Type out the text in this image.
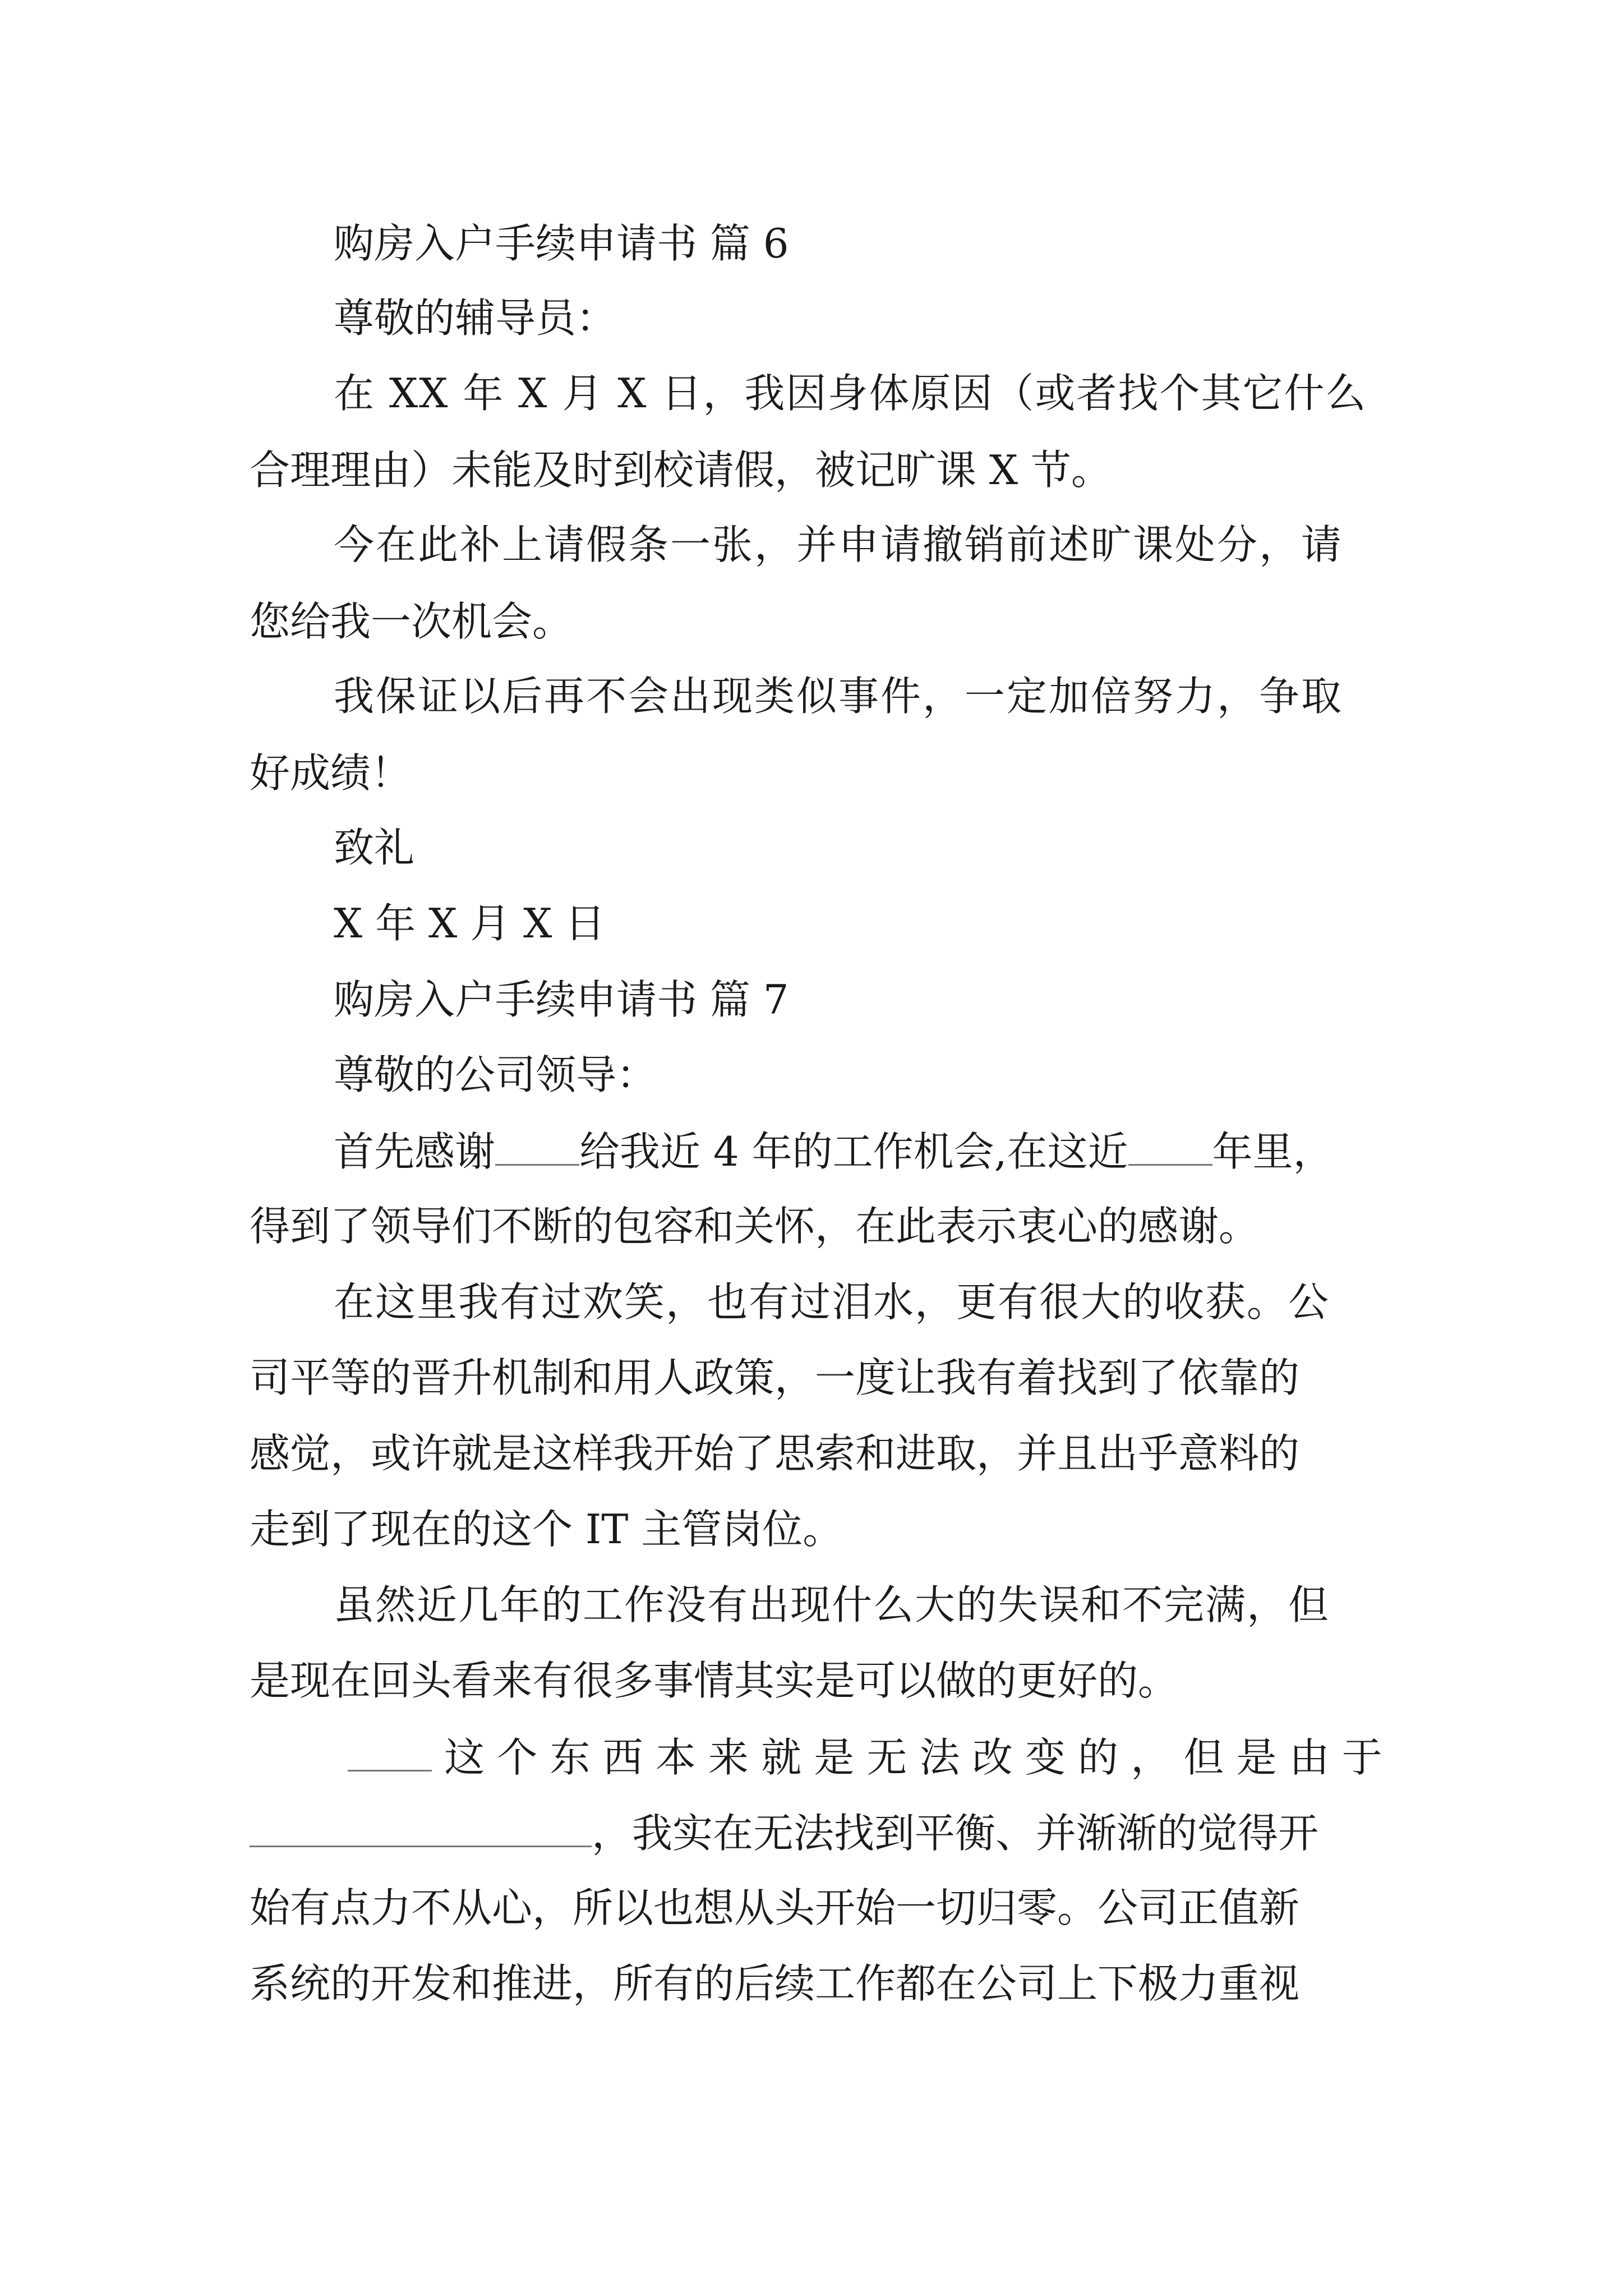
购房入户手续申请书 篇 6

尊敬的辅导员：

在 XX 年 X 月 X 日，我因身体原因（或者找个其它什么

合理理由）未能及时到校请假，被记旷课 X 节。

今在此补上请假条一张，并申请撤销前述旷课处分，请

您给我一次机会。

我保证以后再不会出现类似事件，一定加倍努力，争取

好成绩！

致礼

X 年 X 月 X 日

购房入户手续申请书 篇 7

尊敬的公司领导：

首先感谢 给我近 4 年的工作机会,在这近 年里，

得到了领导们不断的包容和关怀，在此表示衷心的感谢。

在这里我有过欢笑，也有过泪水，更有很大的收获。公

司平等的晋升机制和用人政策，一度让我有着找到了依靠的

感觉，或许就是这样我开始了思索和进取，并且出乎意料的

走到了现在的这个 IT 主管岗位。

虽然近几年的工作没有出现什么大的失误和不完满，但

是现在回头看来有很多事情其实是可以做的更好的。

这 个 东 西 本 来 就 是 无 法 改 变 的 ， 但 是 由 于

，我实在无法找到平衡、并渐渐的觉得开

始有点力不从心，所以也想从头开始一切归零。公司正值新

系统的开发和推进，所有的后续工作都在公司上下极力重视
